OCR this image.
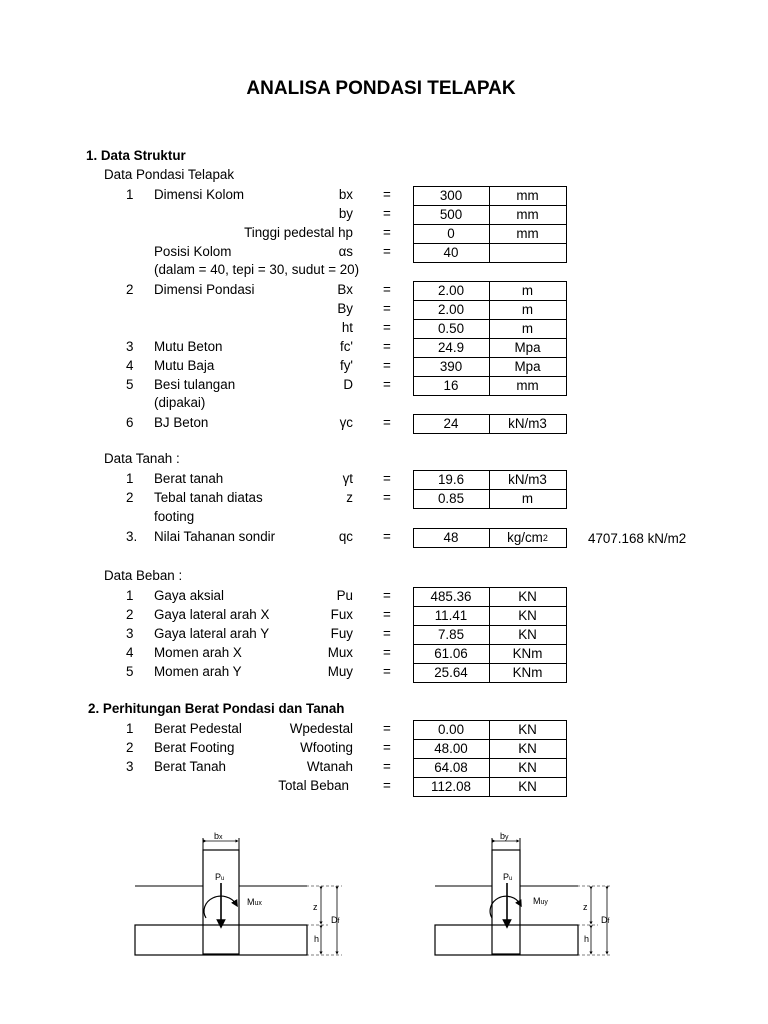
ANALISA PONDASI TELAPAK
1. Data Struktur
Data Pondasi Telapak
1 Dimensi Kolom	bx =	300	mm
by =	500	mm
Tinggi pedestal hp =	0	mm
Posisi Kolom	αs =	40
2 Dimensi Pondasi	Bx =	2.00	m
By =	2.00	m
ht =	0.50	m
3 Mutu Beton	fc' =	24.9	Mpa
4 Mutu Baja	fy' =	390	Mpa
5 Besi tulangan	D =	16	mm
6 BJ Beton	γc =	24	kN/m3
(dalam = 40, tepi = 30, sudut = 20)
(dipakai)
Data Tanah :
1 Berat tanah	γt =	19.6	kN/m3
2 Tebal tanah diatas	z =	0.85	m
3. Nilai Tahanan sondir	qc =	48	kg/cm 2
footing
4707.168 kN/m2
Data Beban :
1 Gaya aksial	Pu =	485.36	KN
2 Gaya lateral arah X	Fux =	11.41	KN
3 Gaya lateral arah Y	Fuy =	7.85	KN
4 Momen arah X	Mux =	61.06	KNm
5 Momen arah Y	Muy =	25.64	KNm
2. Perhitungan Berat Pondasi dan Tanah
1 Berat Pedestal	Wpedestal =	0.00	KN
2 Berat Footing	Wfooting =	48.00	KN
3 Berat Tanah	Wtanah =	64.08	KN
Total Beban	=	112.08	KN
bx
Pu
Mux	z
h
Df
by
Pu
Muy	z
h
Df
